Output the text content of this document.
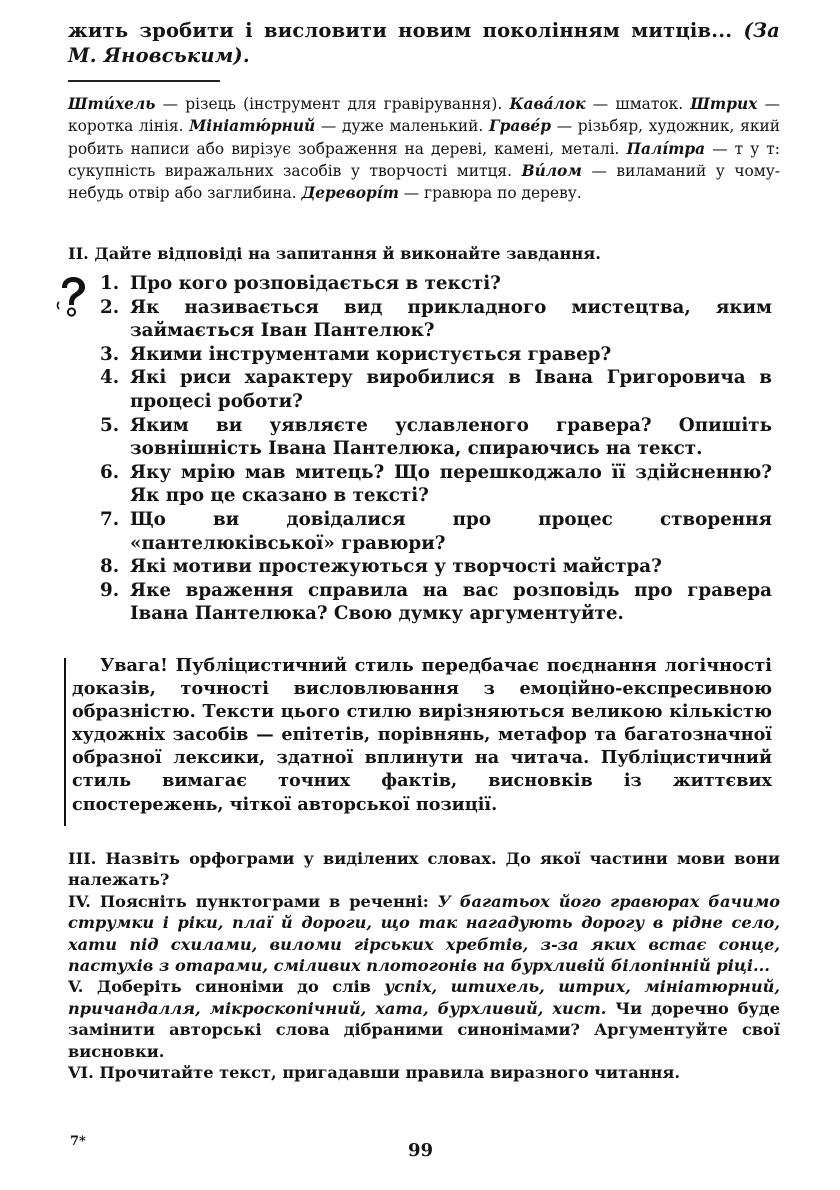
жить зробити і висловити новим поколінням митців... (За М. Яновським).
Шти́хель — різець (інструмент для гравірування). Кава́лок — шматок. Штрих — коротка лінія. Мініатю́рний — дуже маленький. Граве́р — різьбяр, художник, який робить написи або вирізує зображення на дереві, камені, металі. Палі́тра — т у т: сукупність виражальних засобів у творчості митця. Ви́лом — виламаний у чому-небудь отвір або заглибина. Дереворі́т — гравюра по дереву.
II. Дайте відповіді на запитання й виконайте завдання.
1. Про кого розповідається в тексті?
2. Як називається вид прикладного мистецтва, яким займається Іван Пантелюк?
3. Якими інструментами користується гравер?
4. Які риси характеру виробилися в Івана Григоровича в процесі роботи?
5. Яким ви уявляєте уславленого гравера? Опишіть зовнішність Івана Пантелюка, спираючись на текст.
6. Яку мрію мав митець? Що перешкоджало її здійсненню? Як про це сказано в тексті?
7. Що ви довідалися про процес створення «пантелюківської» гравюри?
8. Які мотиви простежуються у творчості майстра?
9. Яке враження справила на вас розповідь про гравера Івана Пантелюка? Свою думку аргументуйте.
Увага! Публіцистичний стиль передбачає поєднання логічності доказів, точності висловлювання з емоційно-експресивною образністю. Тексти цього стилю вирізняються великою кількістю художніх засобів — епітетів, порівнянь, метафор та багатозначної образної лексики, здатної вплинути на читача. Публіцистичний стиль вимагає точних фактів, висновків із життєвих спостережень, чіткої авторської позиції.

III. Назвіть орфограми у виділених словах. До якої частини мови вони належать?

IV. Поясніть пунктограми в реченні: У багатьох його гравюрах бачимо струмки і ріки, плаї й дороги, що так нагадують дорогу в рідне село, хати під схилами, виломи гірських хребтів, з-за яких встає сонце, пастухів з отарами, сміливих плотогонів на бурхливій білопінній ріці...

V. Доберіть синоніми до слів успіх, штихель, штрих, мініатюрний, причандалля, мікроскопічний, хата, бурхливий, хист. Чи доречно буде замінити авторські слова дібраними синонімами? Аргументуйте свої висновки.

VI. Прочитайте текст, пригадавши правила виразного читання.

7*	99
